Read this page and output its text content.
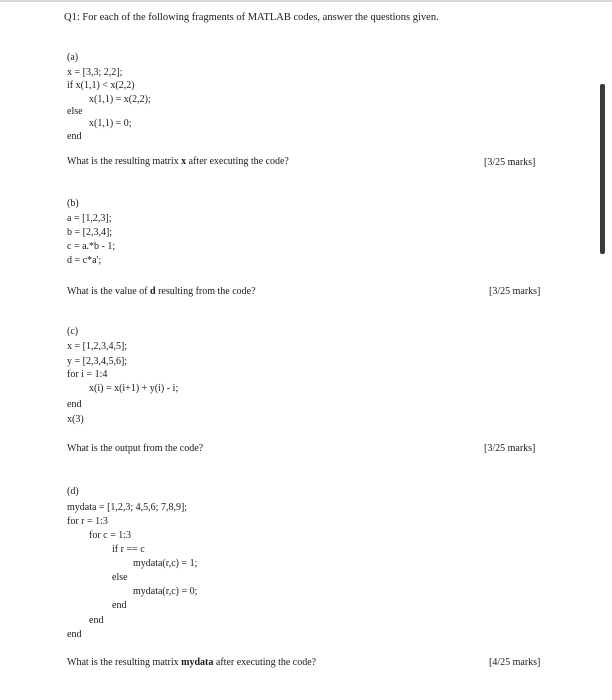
Q1: For each of the following fragments of MATLAB codes, answer the questions given.
(a)
x = [3,3; 2,2];
if x(1,1) < x(2,2)
x(1,1) = x(2,2);
else
x(1,1) = 0;
end
What is the resulting matrix x after executing the code?	[3/25 marks]
(b)
a = [1,2,3];
b = [2,3,4];
c = a.*b - 1;
d = c*a';
What is the value of d resulting from the code?	[3/25 marks]
(c)
x = [1,2,3,4,5];
y = [2,3,4,5,6];
for i = 1:4
x(i) = x(i+1) + y(i) - i;
end
x(3)
What is the output from the code?	[3/25 marks]
(d)
mydata = [1,2,3; 4,5,6; 7,8,9];
for r = 1:3
for c = 1:3
if r == c
mydata(r,c) = 1;
else
mydata(r,c) = 0;
end
end
end
What is the resulting matrix mydata after executing the code?	[4/25 marks]
